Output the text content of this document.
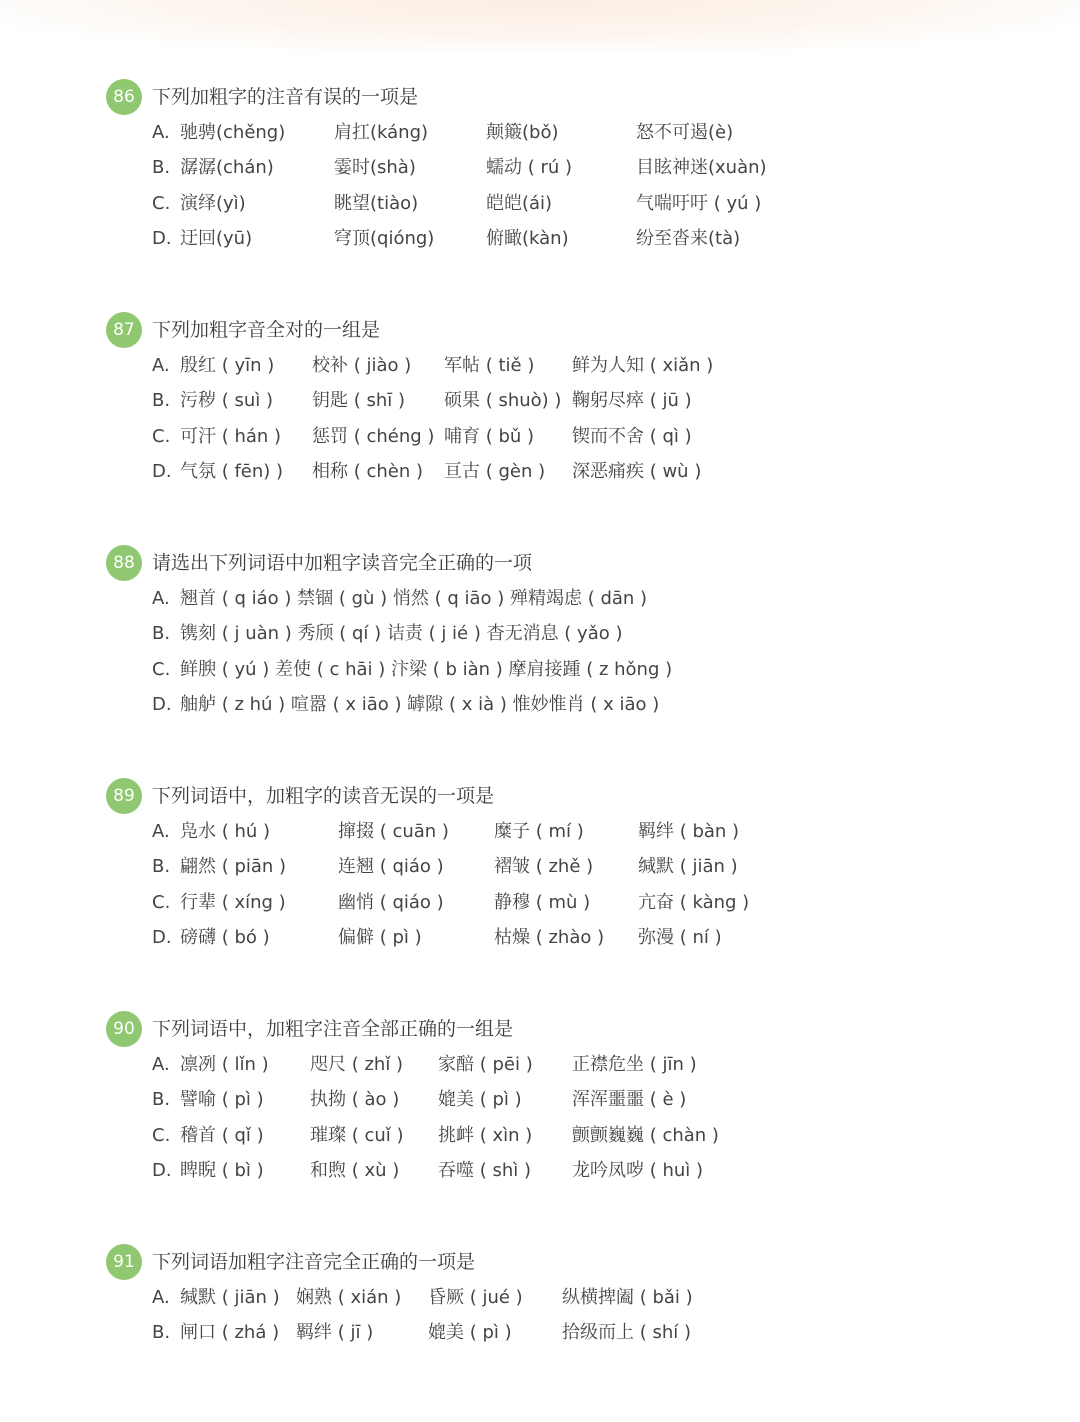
86 下列加粗字的注音有误的一项是
A. 驰骋(chěng)	肩扛(káng)	颠簸(bǒ)	怒不可遏(è)
B. 潺潺(chán)	霎时(shà)	蠕动 ( rú )	目眩神迷(xuàn)
C. 演绎(yì)	眺望(tiào)	皑皑(ái)	气喘吁吁 ( yú )
D. 迂回(yū)	穹顶(qióng)	俯瞰(kàn)	纷至沓来(tà)
87 下列加粗字音全对的一组是
A. 殷红 ( yīn ) 校补 ( jiào ) 军帖 ( tiě ) 鲜为人知 ( xiǎn )
B. 污秽 ( suì ) 钥匙 ( shī ) 硕果 ( shuò) ) 鞠躬尽瘁 ( jū )
C. 可汗 ( hán ) 惩罚 ( chéng ) 哺育 ( bǔ ) 锲而不舍 ( qì )
D. 气氛 ( fēn) ) 相称 ( chèn ) 亘古 ( gèn ) 深恶痛疾 ( wù )
88 请选出下列词语中加粗字读音完全正确的一项
A. 翘首 ( q iáo ) 禁锢 ( gù ) 悄然 ( q iāo ) 殚精竭虑 ( dān )
B. 镌刻 ( j uàn ) 秀颀 ( qí ) 诘责 ( j ié ) 杳无消息 ( yǎo )
C. 鲜腴 ( yú ) 差使 ( c hāi ) 汴梁 ( b iàn ) 摩肩接踵 ( z hǒng )
D. 舳舻 ( z hú ) 喧嚣 ( x iāo ) 罅隙 ( x ià ) 惟妙惟肖 ( x iāo )
89 下列词语中，加粗字的读音无误的一项是
A. 凫水 ( hú )	撺掇 ( cuān )	糜子 ( mí )	羁绊 ( bàn )
B. 翩然 ( piān )	连翘 ( qiáo )	褶皱 ( zhě ) 缄默 ( jiān )
C. 行辈 ( xíng )	幽悄 ( qiáo )	静穆 ( mù )	亢奋 ( kàng )
D. 磅礴 ( bó )	偏僻 ( pì )	枯燥 ( zhào ) 弥漫 ( ní )
90 下列词语中，加粗字注音全部正确的一组是
A. 凛冽 ( lǐn ) 咫尺 ( zhǐ ) 家醅 ( pēi ) 正襟危坐 ( jīn )
B. 譬喻 ( pì )	执拗 ( ào ) 媲美 ( pì )	浑浑噩噩 ( è )
C. 稽首 ( qǐ )	璀璨 ( cuǐ ) 挑衅 ( xìn ) 颤颤巍巍 ( chàn )
D. 睥睨 ( bì )	和煦 ( xù ) 吞噬 ( shì ) 龙吟凤哕 ( huì )
91 下列词语加粗字注音完全正确的一项是
A. 缄默 ( jiān ) 娴熟 ( xián ) 昏厥 ( jué ) 纵横捭阖 ( bǎi )
B. 闸口 ( zhá ) 羁绊 ( jī )	媲美 ( pì )	拾级而上 ( shí )
